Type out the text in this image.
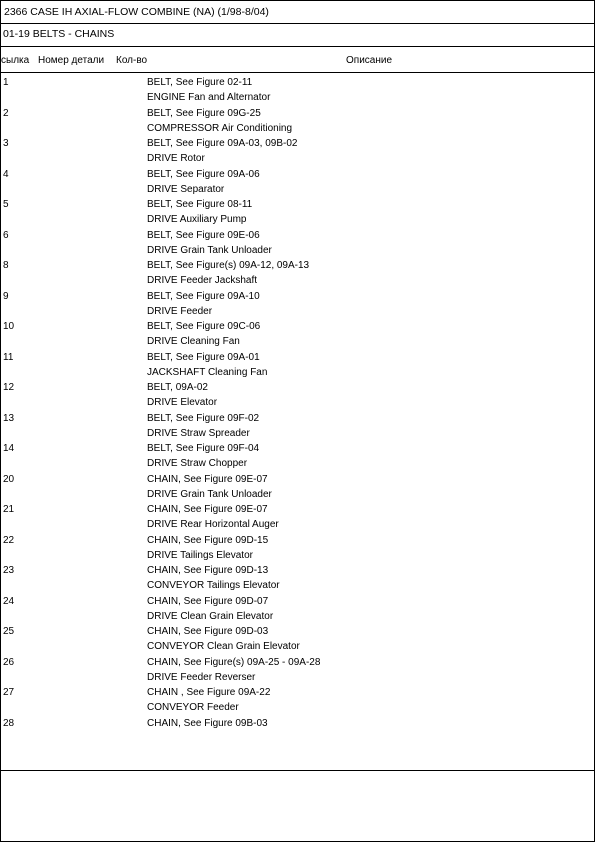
2366 CASE IH AXIAL-FLOW COMBINE (NA) (1/98-8/04)
01-19 BELTS - CHAINS
сылка Номер детали Кол-во	Описание
1	BELT, See Figure 02-11
ENGINE Fan and Alternator
2	BELT, See Figure 09G-25
COMPRESSOR Air Conditioning
3	BELT, See Figure 09A-03, 09B-02
DRIVE Rotor
4	BELT, See Figure 09A-06
DRIVE Separator
5	BELT, See Figure 08-11
DRIVE Auxiliary Pump
6	BELT, See Figure 09E-06
DRIVE Grain Tank Unloader
8	BELT, See Figure(s) 09A-12, 09A-13
DRIVE Feeder Jackshaft
9	BELT, See Figure 09A-10
DRIVE Feeder
10	BELT, See Figure 09C-06
DRIVE Cleaning Fan
11	BELT, See Figure 09A-01
JACKSHAFT Cleaning Fan
12	BELT, 09A-02
DRIVE Elevator
13	BELT, See Figure 09F-02
DRIVE Straw Spreader
14	BELT, See Figure 09F-04
DRIVE Straw Chopper
20	CHAIN, See Figure 09E-07
DRIVE Grain Tank Unloader
21	CHAIN, See Figure 09E-07
DRIVE Rear Horizontal Auger
22	CHAIN, See Figure 09D-15
DRIVE Tailings Elevator
23	CHAIN, See Figure 09D-13
CONVEYOR Tailings Elevator
24	CHAIN, See Figure 09D-07
DRIVE Clean Grain Elevator
25	CHAIN, See Figure 09D-03
CONVEYOR Clean Grain Elevator
26	CHAIN, See Figure(s) 09A-25 - 09A-28
DRIVE Feeder Reverser
27	CHAIN , See Figure 09A-22
CONVEYOR Feeder
28	CHAIN, See Figure 09B-03
